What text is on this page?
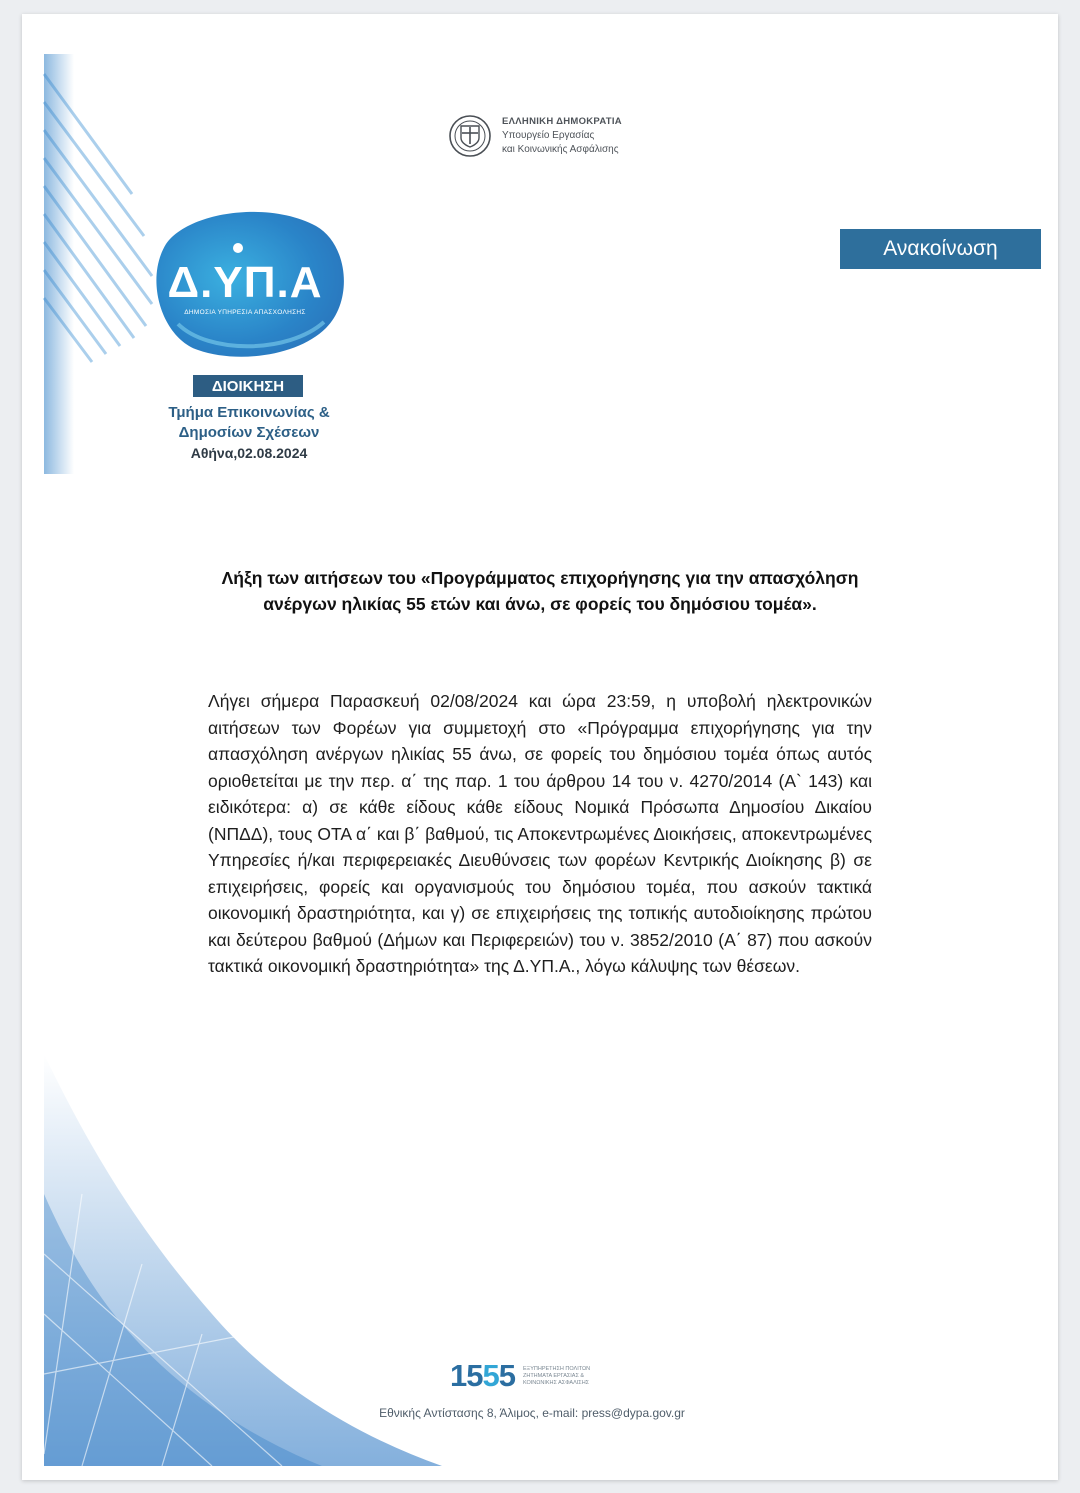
ΕΛΛΗΝΙΚΗ ΔΗΜΟΚΡΑΤΙΑ
Υπουργείο Εργασίας
και Κοινωνικής Ασφάλισης
Ανακοίνωση
Δ.ΥΠ.Α
ΔΗΜΟΣΙΑ ΥΠΗΡΕΣΙΑ ΑΠΑΣΧΟΛΗΣΗΣ
ΔΙΟΙΚΗΣΗ
Τμήμα Επικοινωνίας &
Δημοσίων Σχέσεων
Αθήνα,02.08.2024
Λήξη των αιτήσεων του «Προγράμματος επιχορήγησης για την απασχόληση ανέργων ηλικίας 55 ετών και άνω, σε φορείς του δημόσιου τομέα».
Λήγει σήμερα Παρασκευή 02/08/2024 και ώρα 23:59, η υποβολή ηλεκτρονικών αιτήσεων των Φορέων για συμμετοχή στο «Πρόγραμμα επιχορήγησης για την απασχόληση ανέργων ηλικίας 55 άνω, σε φορείς του δημόσιου τομέα όπως αυτός οριοθετείται με την περ. α΄ της παρ. 1 του άρθρου 14 του ν. 4270/2014 (Α` 143) και ειδικότερα: α) σε κάθε είδους κάθε είδους Νομικά Πρόσωπα Δημοσίου Δικαίου (ΝΠΔΔ), τους ΟΤΑ α΄ και β΄ βαθμού, τις Αποκεντρωμένες Διοικήσεις, αποκεντρωμένες Υπηρεσίες ή/και περιφερειακές Διευθύνσεις των φορέων Κεντρικής Διοίκησης β) σε επιχειρήσεις, φορείς και οργανισμούς του δημόσιου τομέα, που ασκούν τακτικά οικονομική δραστηριότητα, και γ) σε επιχειρήσεις της τοπικής αυτοδιοίκησης πρώτου και δεύτερου βαθμού (Δήμων και Περιφερειών) του ν. 3852/2010 (Α΄ 87) που ασκούν τακτικά οικονομική δραστηριότητα» της Δ.ΥΠ.Α., λόγω κάλυψης των θέσεων.
1555 ΕΞΥΠΗΡΕΤΗΣΗ ΠΟΛΙΤΩΝ ΖΗΤΗΜΑΤΑ ΕΡΓΑΣΙΑΣ & ΚΟΙΝΩΝΙΚΗΣ ΑΣΦΑΛΙΣΗΣ
Εθνικής Αντίστασης 8, Άλιμος, e-mail: press@dypa.gov.gr
